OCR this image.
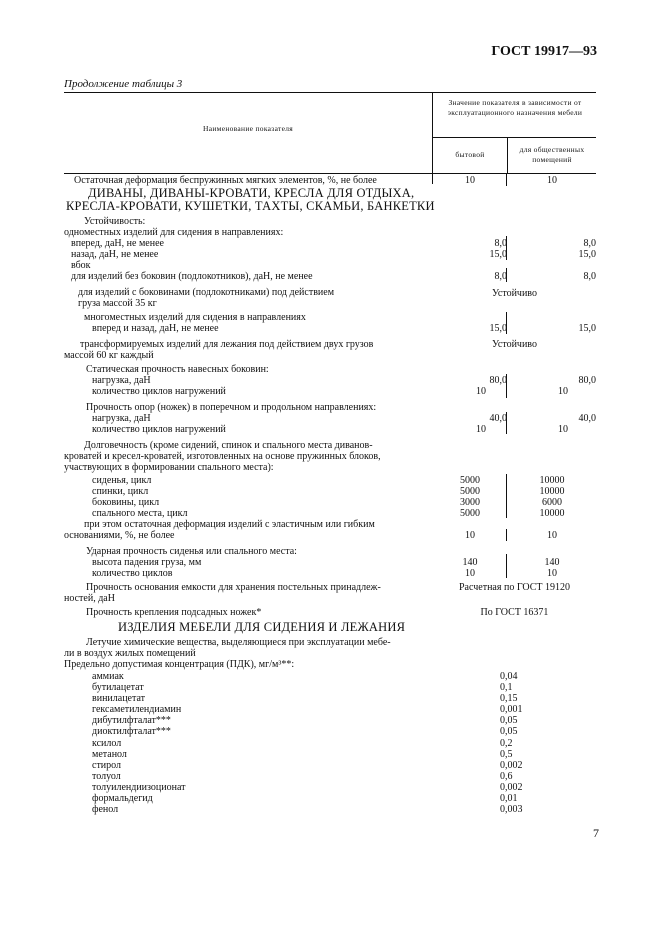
ГОСТ 19917—93
Продолжение таблицы 3
Наименование показателя
Значение показателя в зависимости от эксплуатационного назначения мебели
бытовой
для общественных помещений
Остаточная деформация беспружинных мягких элементов, %, не более	10	10
ДИВАНЫ, ДИВАНЫ-КРОВАТИ, КРЕСЛА ДЛЯ ОТДЫХА,
КРЕСЛА-КРОВАТИ, КУШЕТКИ, ТАХТЫ, СКАМЬИ, БАНКЕТКИ
Устойчивость:
одноместных изделий для сидения в направлениях:
вперед, даН, не менее	8,0	8,0
назад, даН, не менее	15,0	15,0
вбок
для изделий без боковин (подлокотников), даН, не менее	8,0	8,0
для изделий с боковинами (подлокотниками) под действием
груза массой 35 кг
Устойчиво
многоместных изделий для сидения в направлениях
вперед и назад, даН, не менее	15,0	15,0
трансформируемых изделий для лежания под действием двух грузов
массой 60 кг каждый
Устойчиво
Статическая прочность навесных боковин:
нагрузка, даН	80,0	80,0
количество циклов нагружений	10	10
Прочность опор (ножек) в поперечном и продольном направлениях:
нагрузка, даН	40,0	40,0
количество циклов нагружений	10	10
Долговечность (кроме сидений, спинок и спального места диванов-
кроватей и кресел-кроватей, изготовленных на основе пружинных блоков,
участвующих в формировании спального места):
сиденья, цикл	5000	10000
спинки, цикл	5000	10000
боковины, цикл	3000	6000
спального места, цикл	5000	10000
при этом остаточная деформация изделий с эластичным или гибким
основаниями, %, не более	10	10
Ударная прочность сиденья или спального места:
высота падения груза, мм	140	140
количество циклов	10	10
Прочность основания емкости для хранения постельных принадлеж-
ностей, даН
Расчетная по ГОСТ 19120
Прочность крепления подсадных ножек*	По ГОСТ 16371
ИЗДЕЛИЯ МЕБЕЛИ ДЛЯ СИДЕНИЯ И ЛЕЖАНИЯ
Летучие химические вещества, выделяющиеся при эксплуатации мебе-
ли в воздух жилых помещений
Предельно допустимая концентрация (ПДК), мг/м³**:
аммиак	0,04
бутилацетат	0,1
винилацетат	0,15
гексаметилендиамин	0,001
дибутилфталат***	0,05
диоктилфталат***	0,05
ксилол	0,2
метанол	0,5
стирол	0,002
толуол	0,6
толуилендиизоционат	0,002
формальдегид	0,01
фенол	0,003
7
